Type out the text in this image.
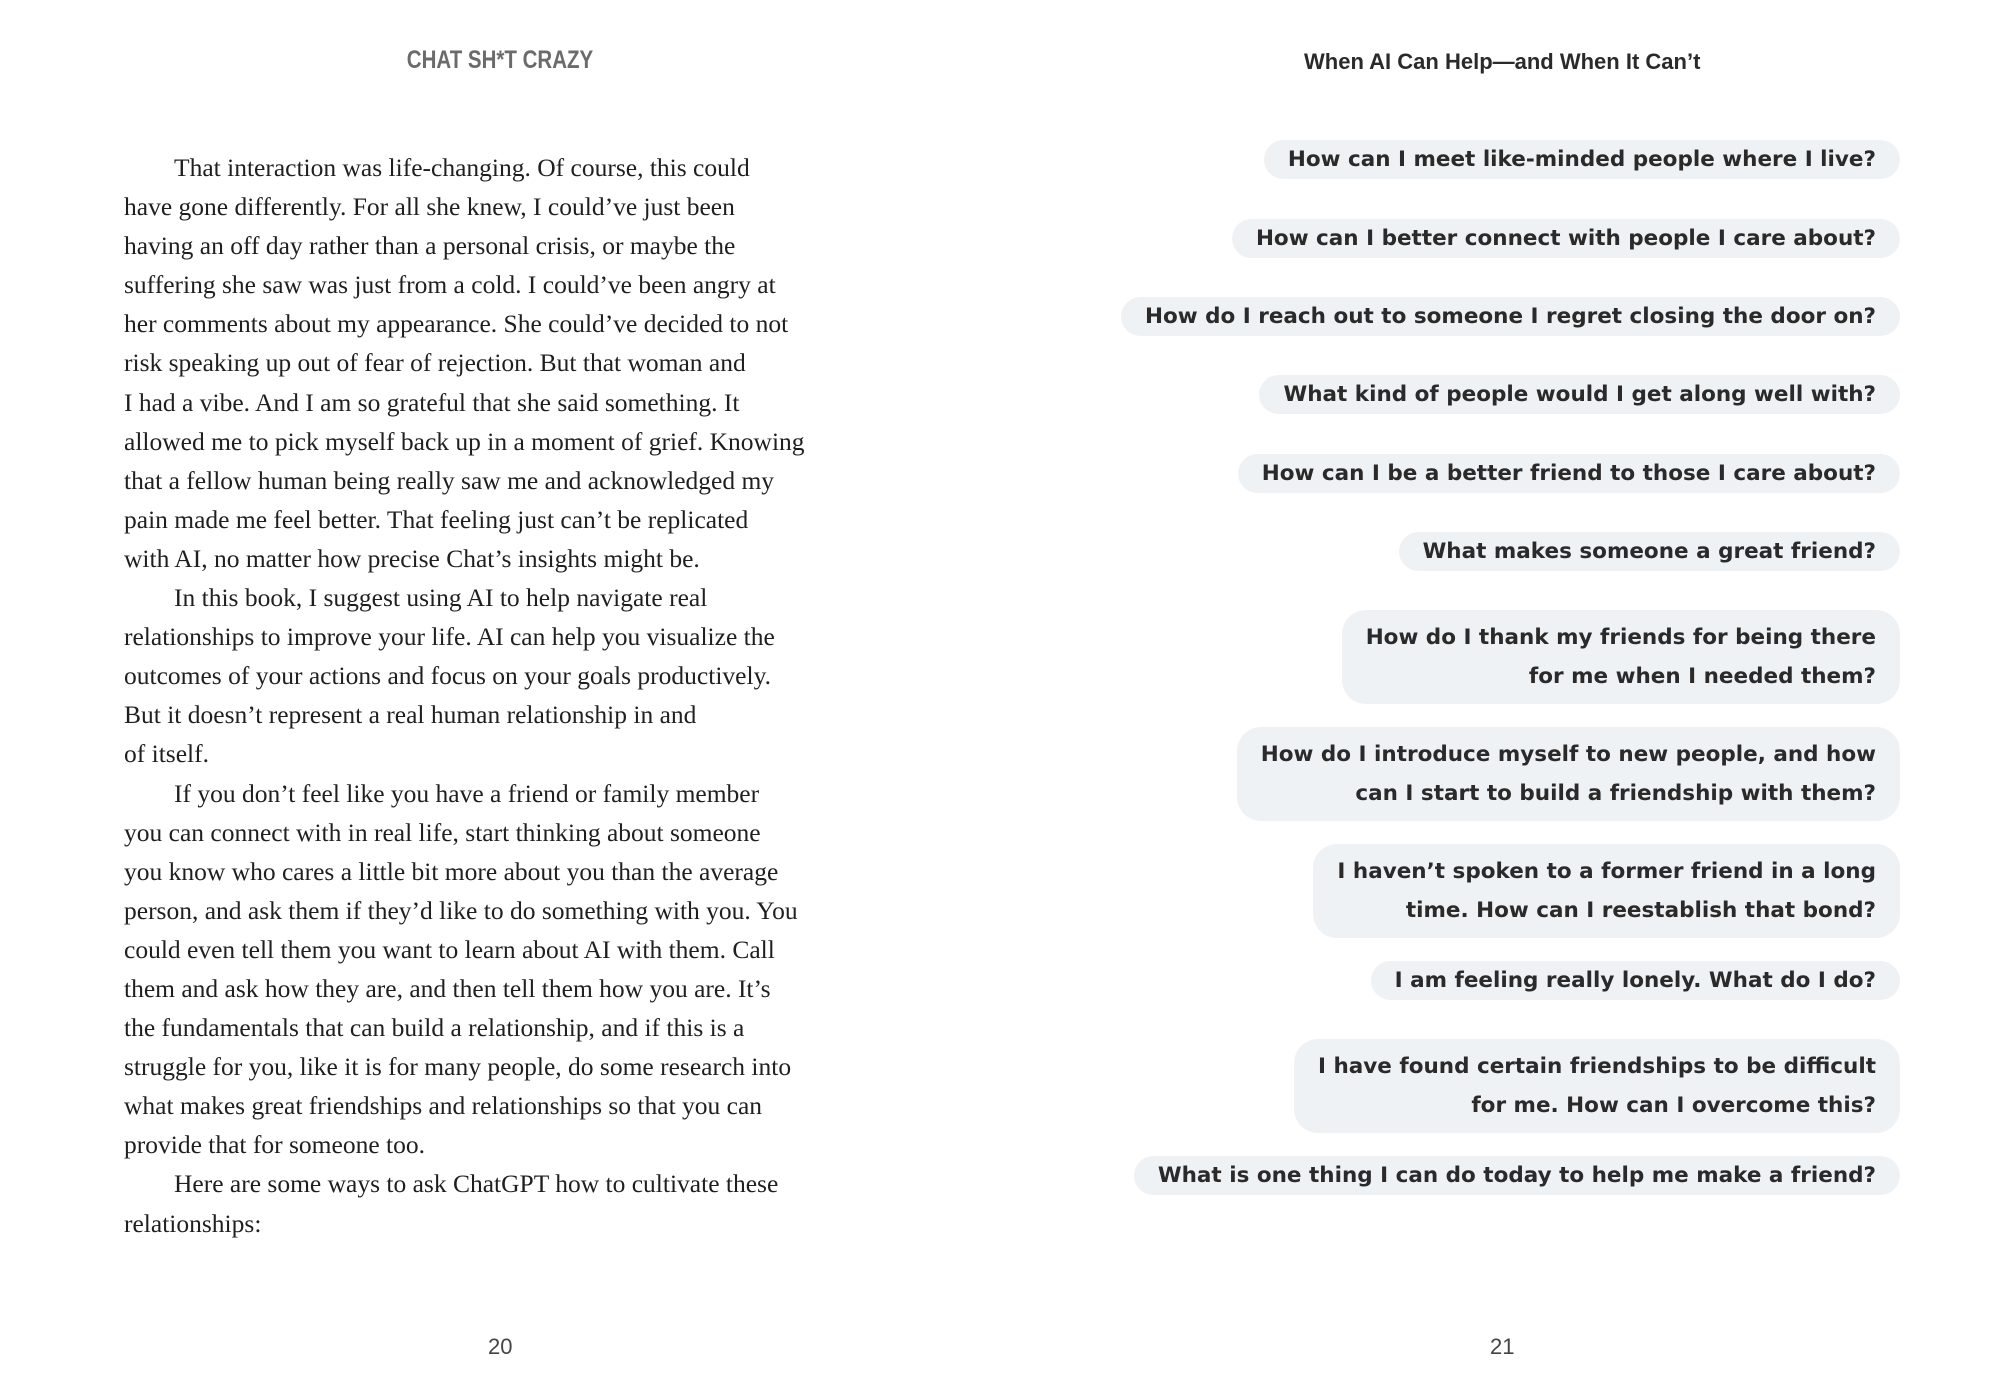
CHAT SH*T CRAZY	When AI Can Help—and When It Can’t

That interaction was life-changing. Of course, this could
have gone differently. For all she knew, I could’ve just been
having an off day rather than a personal crisis, or maybe the
suffering she saw was just from a cold. I could’ve been angry at
her comments about my appearance. She could’ve decided to not
risk speaking up out of fear of rejection. But that woman and
I had a vibe. And I am so grateful that she said something. It
allowed me to pick myself back up in a moment of grief. Knowing
that a fellow human being really saw me and acknowledged my
pain made me feel better. That feeling just can’t be replicated
with AI, no matter how precise Chat’s insights might be.

In this book, I suggest using AI to help navigate real
relationships to improve your life. AI can help you visualize the
outcomes of your actions and focus on your goals productively.
But it doesn’t represent a real human relationship in and
of itself.

If you don’t feel like you have a friend or family member
you can connect with in real life, start thinking about someone
you know who cares a little bit more about you than the average
person, and ask them if they’d like to do something with you. You
could even tell them you want to learn about AI with them. Call
them and ask how they are, and then tell them how you are. It’s
the fundamentals that can build a relationship, and if this is a
struggle for you, like it is for many people, do some research into
what makes great friendships and relationships so that you can
provide that for someone too.

Here are some ways to ask ChatGPT how to cultivate these
relationships:

How can I meet like-minded people where I live?
How can I better connect with people I care about?
How do I reach out to someone I regret closing the door on?
What kind of people would I get along well with?
How can I be a better friend to those I care about?
What makes someone a great friend?
How do I thank my friends for being there
for me when I needed them?
How do I introduce myself to new people, and how
can I start to build a friendship with them?
I haven’t spoken to a former friend in a long
time. How can I reestablish that bond?
I am feeling really lonely. What do I do?
I have found certain friendships to be difficult
for me. How can I overcome this?
What is one thing I can do today to help me make a friend?
20	21
